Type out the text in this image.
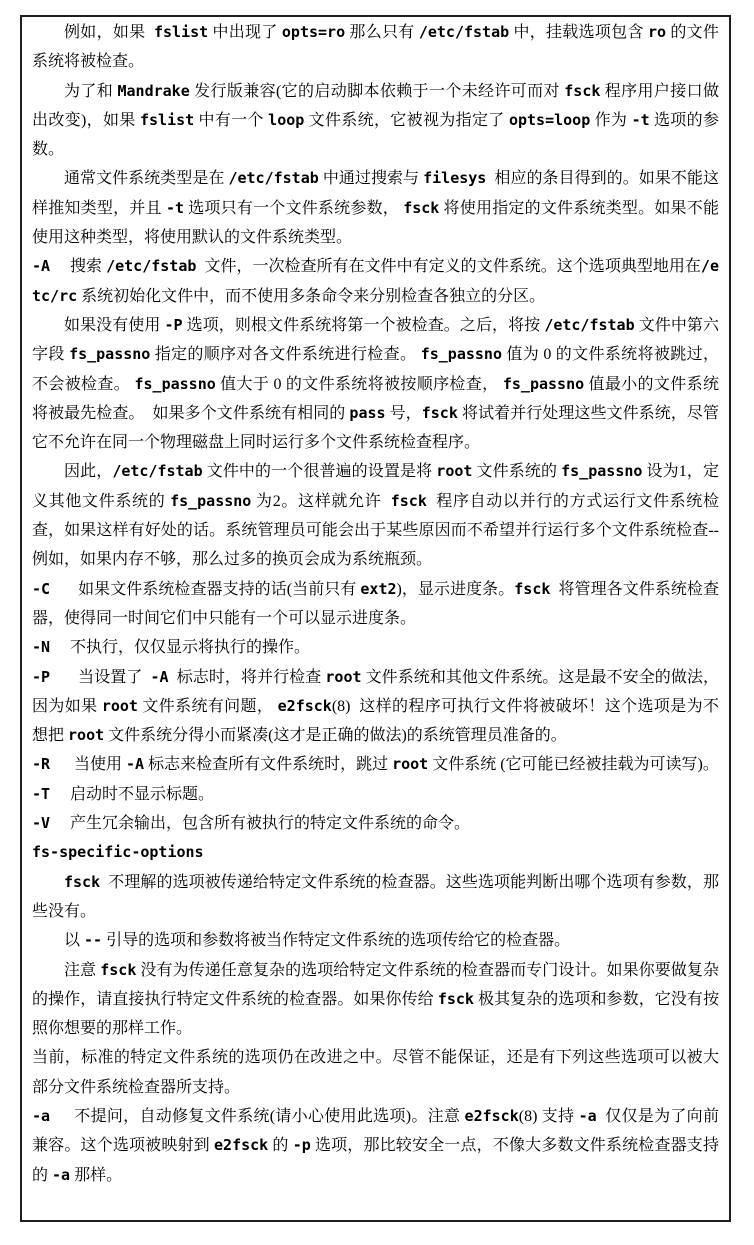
例如，如果  fslist 中出现了 opts=ro 那么只有 /etc/fstab 中，挂载选项包含 ro 的文件系统将被检查。

为了和 Mandrake 发行版兼容(它的启动脚本依赖于一个未经许可而对 fsck 程序用户接口做出改变)，如果 fslist 中有一个 loop 文件系统，它被视为指定了 opts=loop 作为 -t 选项的参数。

通常文件系统类型是在 /etc/fstab 中通过搜索与 filesys  相应的条目得到的。如果不能这样推知类型，并且 -t 选项只有一个文件系统参数， fsck 将使用指定的文件系统类型。如果不能使用这种类型，将使用默认的文件系统类型。

-A 搜索 /etc/fstab  文件，一次检查所有在文件中有定义的文件系统。这个选项典型地用在/etc/rc 系统初始化文件中，而不使用多条命令来分别检查各独立的分区。

如果没有使用 -P 选项，则根文件系统将第一个被检查。之后，将按 /etc/fstab 文件中第六字段 fs_passno 指定的顺序对各文件系统进行检查。 fs_passno 值为 0 的文件系统将被跳过，不会被检查。 fs_passno 值大于 0 的文件系统将被按顺序检查， fs_passno 值最小的文件系统将被最先检查。　如果多个文件系统有相同的 pass 号，fsck 将试着并行处理这些文件系统，尽管它不允许在同一个物理磁盘上同时运行多个文件系统检查程序。

因此，/etc/fstab 文件中的一个很普遍的设置是将 root 文件系统的 fs_passno 设为1，定义其他文件系统的 fs_passno 为2。这样就允许  fsck  程序自动以并行的方式运行文件系统检查，如果这样有好处的话。系统管理员可能会出于某些原因而不希望并行运行多个文件系统检查--例如，如果内存不够，那么过多的换页会成为系统瓶颈。

-C  如果文件系统检查器支持的话(当前只有 ext2)，显示进度条。fsck  将管理各文件系统检查器，使得同一时间它们中只能有一个可以显示进度条。

-N 不执行，仅仅显示将执行的操作。

-P  当设置了  -A  标志时，将并行检查 root 文件系统和其他文件系统。这是最不安全的做法，因为如果 root 文件系统有问题， e2fsck(8)  这样的程序可执行文件将被破坏！这个选项是为不想把 root 文件系统分得小而紧凑(这才是正确的做法)的系统管理员准备的。

-R 当使用 -A 标志来检查所有文件系统时，跳过 root 文件系统 (它可能已经被挂载为可读写)。

-T 启动时不显示标题。

-V 产生冗余输出，包含所有被执行的特定文件系统的命令。

fs-specific-options

fsck  不理解的选项被传递给特定文件系统的检查器。这些选项能判断出哪个选项有参数，那些没有。

以 -- 引导的选项和参数将被当作特定文件系统的选项传给它的检查器。

注意 fsck 没有为传递任意复杂的选项给特定文件系统的检查器而专门设计。如果你要做复杂的操作，请直接执行特定文件系统的检查器。如果你传给 fsck 极其复杂的选项和参数，它没有按照你想要的那样工作。

当前，标准的特定文件系统的选项仍在改进之中。尽管不能保证，还是有下列这些选项可以被大部分文件系统检查器所支持。

-a 不提问，自动修复文件系统(请小心使用此选项)。注意 e2fsck(8) 支持 -a  仅仅是为了向前兼容。这个选项被映射到 e2fsck 的 -p 选项，那比较安全一点，不像大多数文件系统检查器支持的 -a 那样。
